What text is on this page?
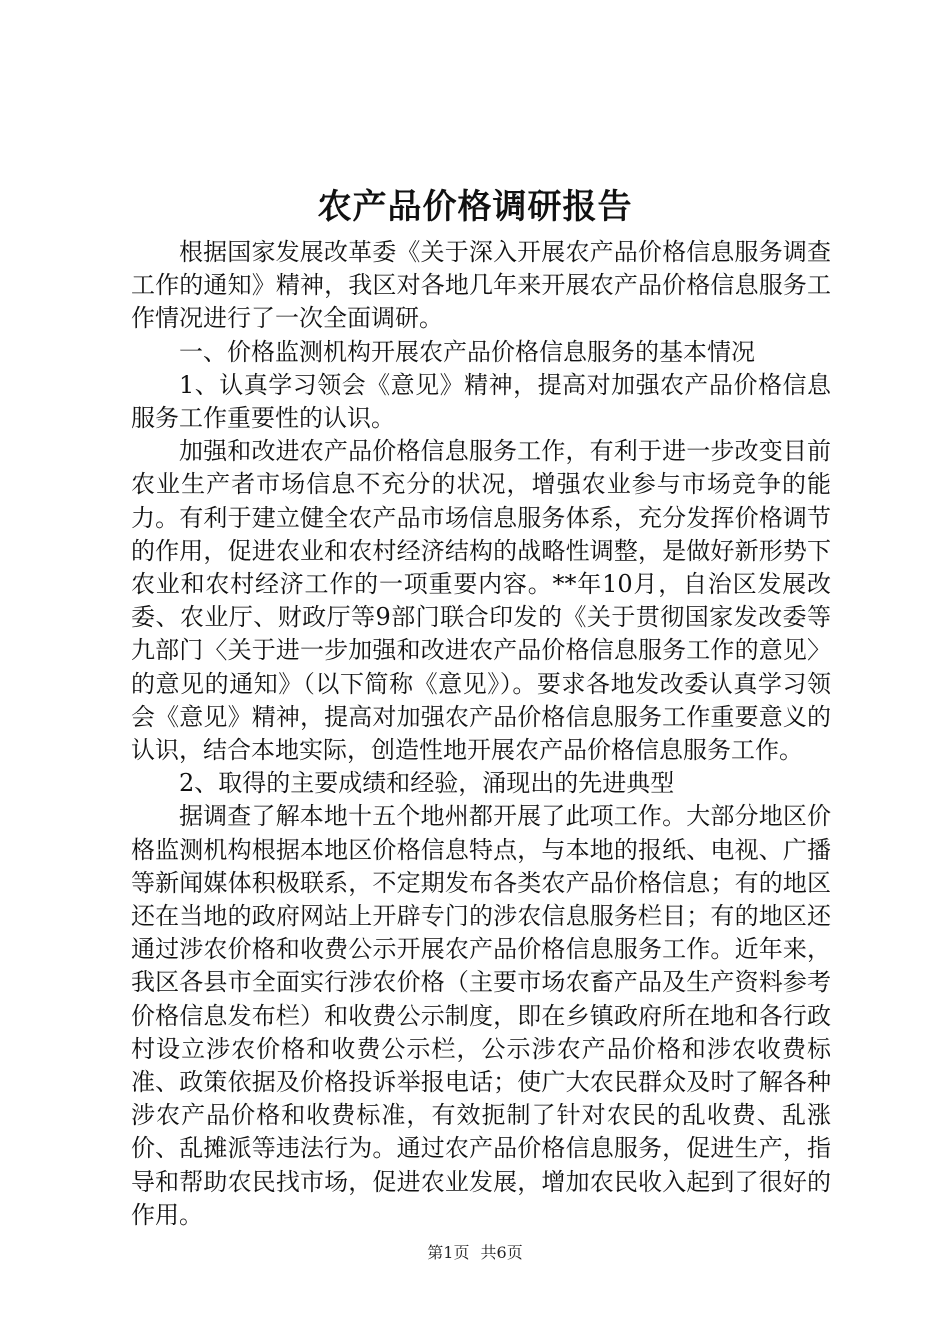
农产品价格调研报告

根据国家发展改革委《关于深入开展农产品价格信息服务调查工作的通知》精神，我区对各地几年来开展农产品价格信息服务工作情况进行了一次全面调研。

一、价格监测机构开展农产品价格信息服务的基本情况

1、认真学习领会《意见》精神，提高对加强农产品价格信息服务工作重要性的认识。

加强和改进农产品价格信息服务工作，有利于进一步改变目前农业生产者市场信息不充分的状况，增强农业参与市场竞争的能力。有利于建立健全农产品市场信息服务体系，充分发挥价格调节的作用，促进农业和农村经济结构的战略性调整，是做好新形势下农业和农村经济工作的一项重要内容。**年10月，自治区发展改委、农业厅、财政厅等9部门联合印发的《关于贯彻国家发改委等九部门〈关于进一步加强和改进农产品价格信息服务工作的意见〉的意见的通知》（以下简称《意见》）。要求各地发改委认真学习领会《意见》精神，提高对加强农产品价格信息服务工作重要意义的认识，结合本地实际，创造性地开展农产品价格信息服务工作。

2、取得的主要成绩和经验，涌现出的先进典型

据调查了解本地十五个地州都开展了此项工作。大部分地区价格监测机构根据本地区价格信息特点，与本地的报纸、电视、广播等新闻媒体积极联系，不定期发布各类农产品价格信息；有的地区还在当地的政府网站上开辟专门的涉农信息服务栏目；有的地区还通过涉农价格和收费公示开展农产品价格信息服务工作。近年来，我区各县市全面实行涉农价格（主要市场农畜产品及生产资料参考价格信息发布栏）和收费公示制度，即在乡镇政府所在地和各行政村设立涉农价格和收费公示栏，公示涉农产品价格和涉农收费标准、政策依据及价格投诉举报电话；使广大农民群众及时了解各种涉农产品价格和收费标准，有效扼制了针对农民的乱收费、乱涨价、乱摊派等违法行为。通过农产品价格信息服务，促进生产，指导和帮助农民找市场，促进农业发展，增加农民收入起到了很好的作用。

第1页 共6页
